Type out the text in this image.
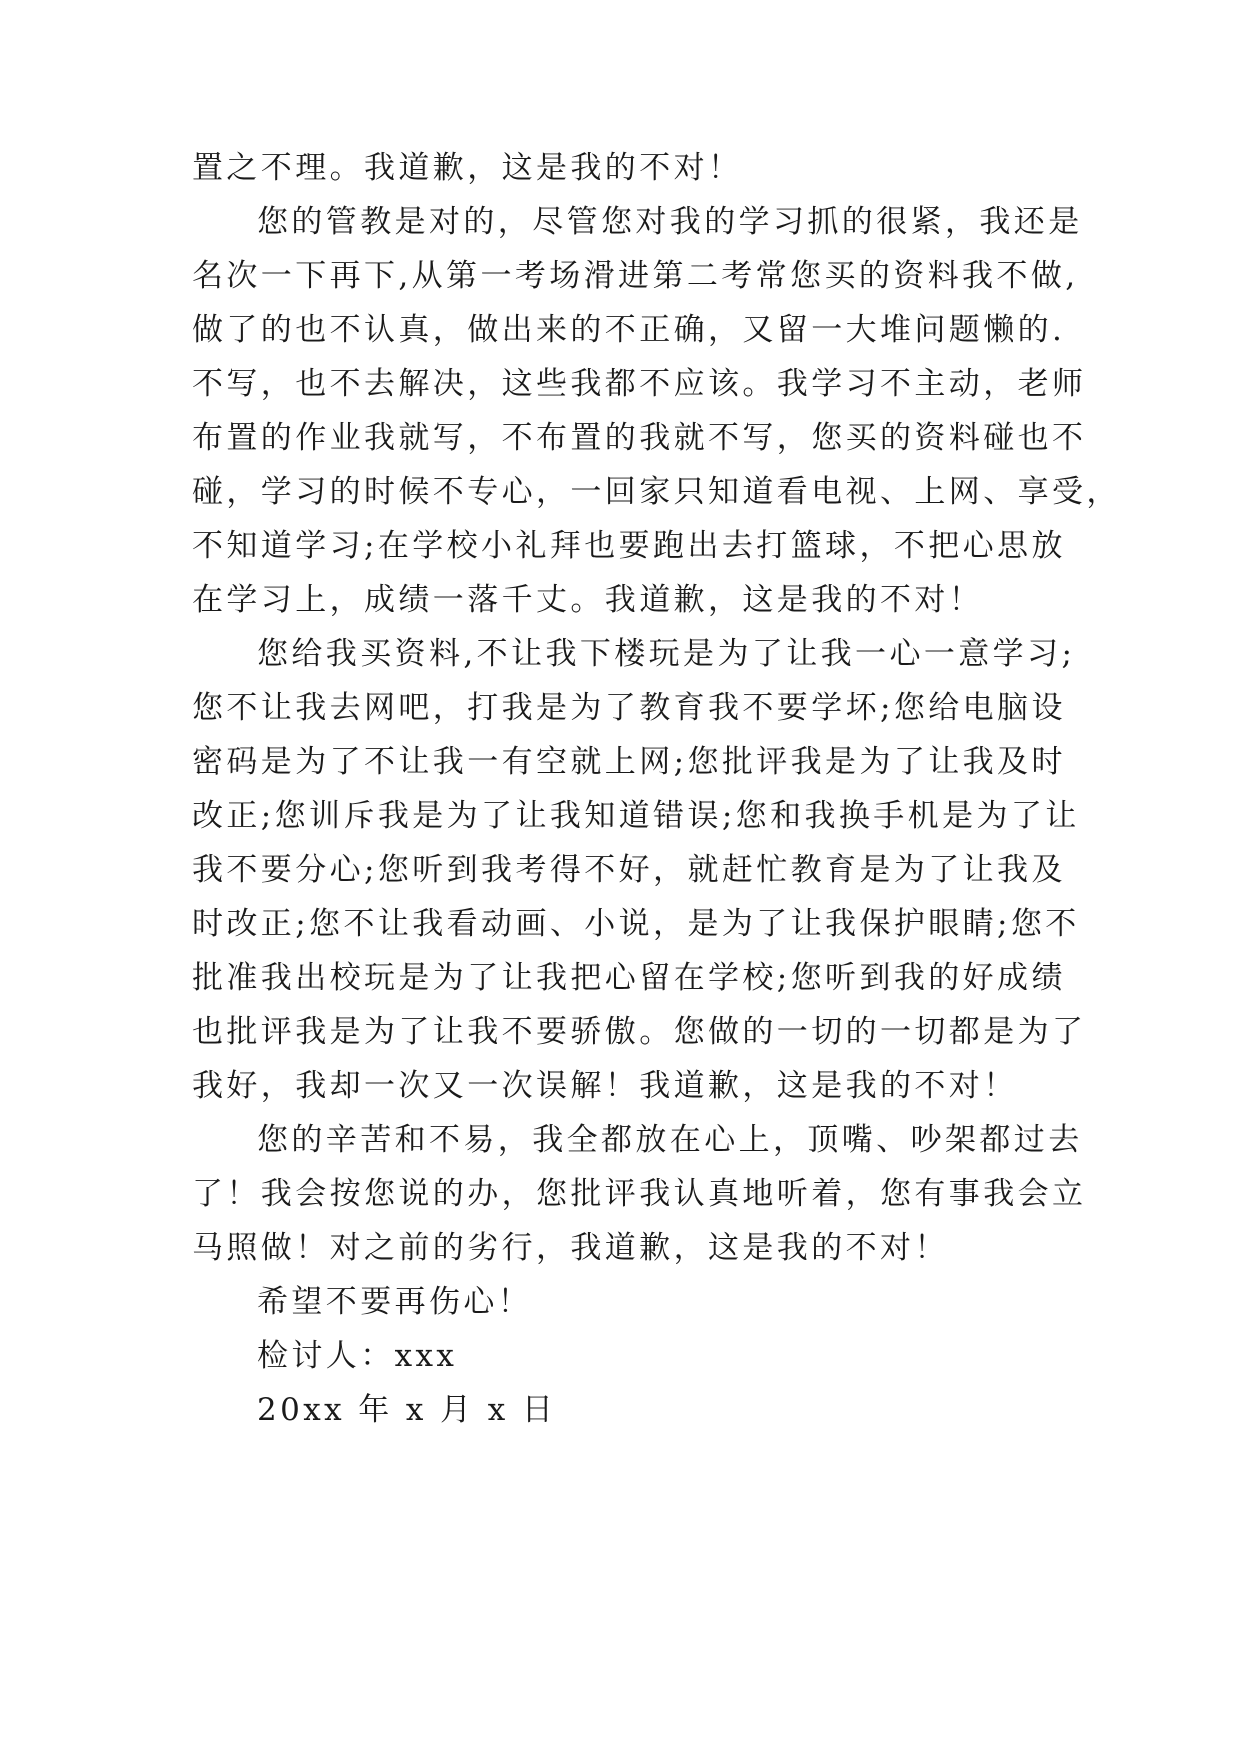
置之不理。我道歉，这是我的不对！
您的管教是对的，尽管您对我的学习抓的很紧，我还是
名次一下再下,从第一考场滑进第二考常您买的资料我不做,
做了的也不认真，做出来的不正确，又留一大堆问题懒的.
不写，也不去解决，这些我都不应该。我学习不主动，老师
布置的作业我就写，不布置的我就不写，您买的资料碰也不
碰，学习的时候不专心，一回家只知道看电视、上网、享受，
不知道学习;在学校小礼拜也要跑出去打篮球，不把心思放
在学习上，成绩一落千丈。我道歉，这是我的不对！
您给我买资料,不让我下楼玩是为了让我一心一意学习;
您不让我去网吧，打我是为了教育我不要学坏;您给电脑设
密码是为了不让我一有空就上网;您批评我是为了让我及时
改正;您训斥我是为了让我知道错误;您和我换手机是为了让
我不要分心;您听到我考得不好，就赶忙教育是为了让我及
时改正;您不让我看动画、小说，是为了让我保护眼睛;您不
批准我出校玩是为了让我把心留在学校;您听到我的好成绩
也批评我是为了让我不要骄傲。您做的一切的一切都是为了
我好，我却一次又一次误解！我道歉，这是我的不对！
您的辛苦和不易，我全都放在心上，顶嘴、吵架都过去
了！我会按您说的办，您批评我认真地听着，您有事我会立
马照做！对之前的劣行，我道歉，这是我的不对！
希望不要再伤心！
检讨人：xxx
20xx 年 x 月 x 日
